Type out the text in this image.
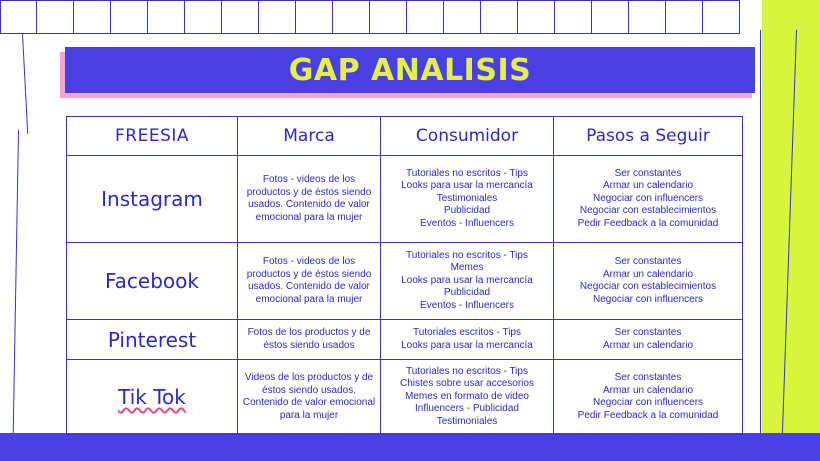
GAP ANALISIS
FREESIA	Marca	Consumidor	Pasos a Seguir
Instagram	Fotos - videos de los productos y de éstos siendo usados. Contenido de valor emocional para la mujer	Tutoriales no escritos - Tips
Looks para usar la mercancía
Testimoniales
Publicidad
Eventos - Influencers	Ser constantes
Armar un calendario
Negociar con influencers
Negociar con establecimientos
Pedir Feedback a la comunidad

Facebook	Fotos - videos de los productos y de éstos siendo usados. Contenido de valor emocional para la mujer	Tutoriales no escritos - Tips
Memes
Looks para usar la mercancía
Publicidad
Eventos - Influencers	Ser constantes
Armar un calendario
Negociar con establecimientos
Negociar con influencers

Pinterest	Fotos de los productos y de éstos siendo usados	Tutoriales escritos - Tips
Looks para usar la mercancía	Ser constantes
Armar un calendario

Tik Tok	Videos de los productos y de éstos siendo usados. Contenido de valor emocional para la mujer	Tutoriales no escritos - Tips
Chistes sobre usar accesorios
Memes en formato de video
Influencers - Publicidad
Testimoniales	Ser constantes
Armar un calendario
Negociar con influencers
Pedir Feedback a la comunidad
